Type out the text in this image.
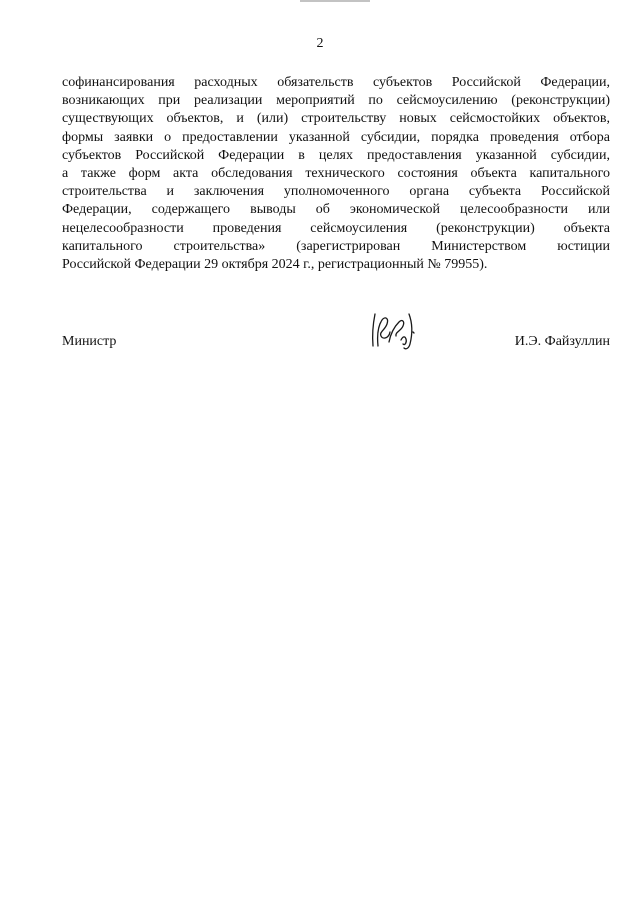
2
софинансирования расходных обязательств субъектов Российской Федерации,
возникающих при реализации мероприятий по сейсмоусилению (реконструкции)
существующих объектов, и (или) строительству новых сейсмостойких объектов,
формы заявки о предоставлении указанной субсидии, порядка проведения отбора
субъектов Российской Федерации в целях предоставления указанной субсидии,
а также форм акта обследования технического состояния объекта капитального
строительства и заключения уполномоченного органа субъекта Российской
Федерации, содержащего выводы об экономической целесообразности или
нецелесообразности проведения сейсмоусиления (реконструкции) объекта
капитального строительства» (зарегистрирован Министерством юстиции
Российской Федерации 29 октября 2024 г., регистрационный № 79955).
Министр	И.Э. Файзуллин
